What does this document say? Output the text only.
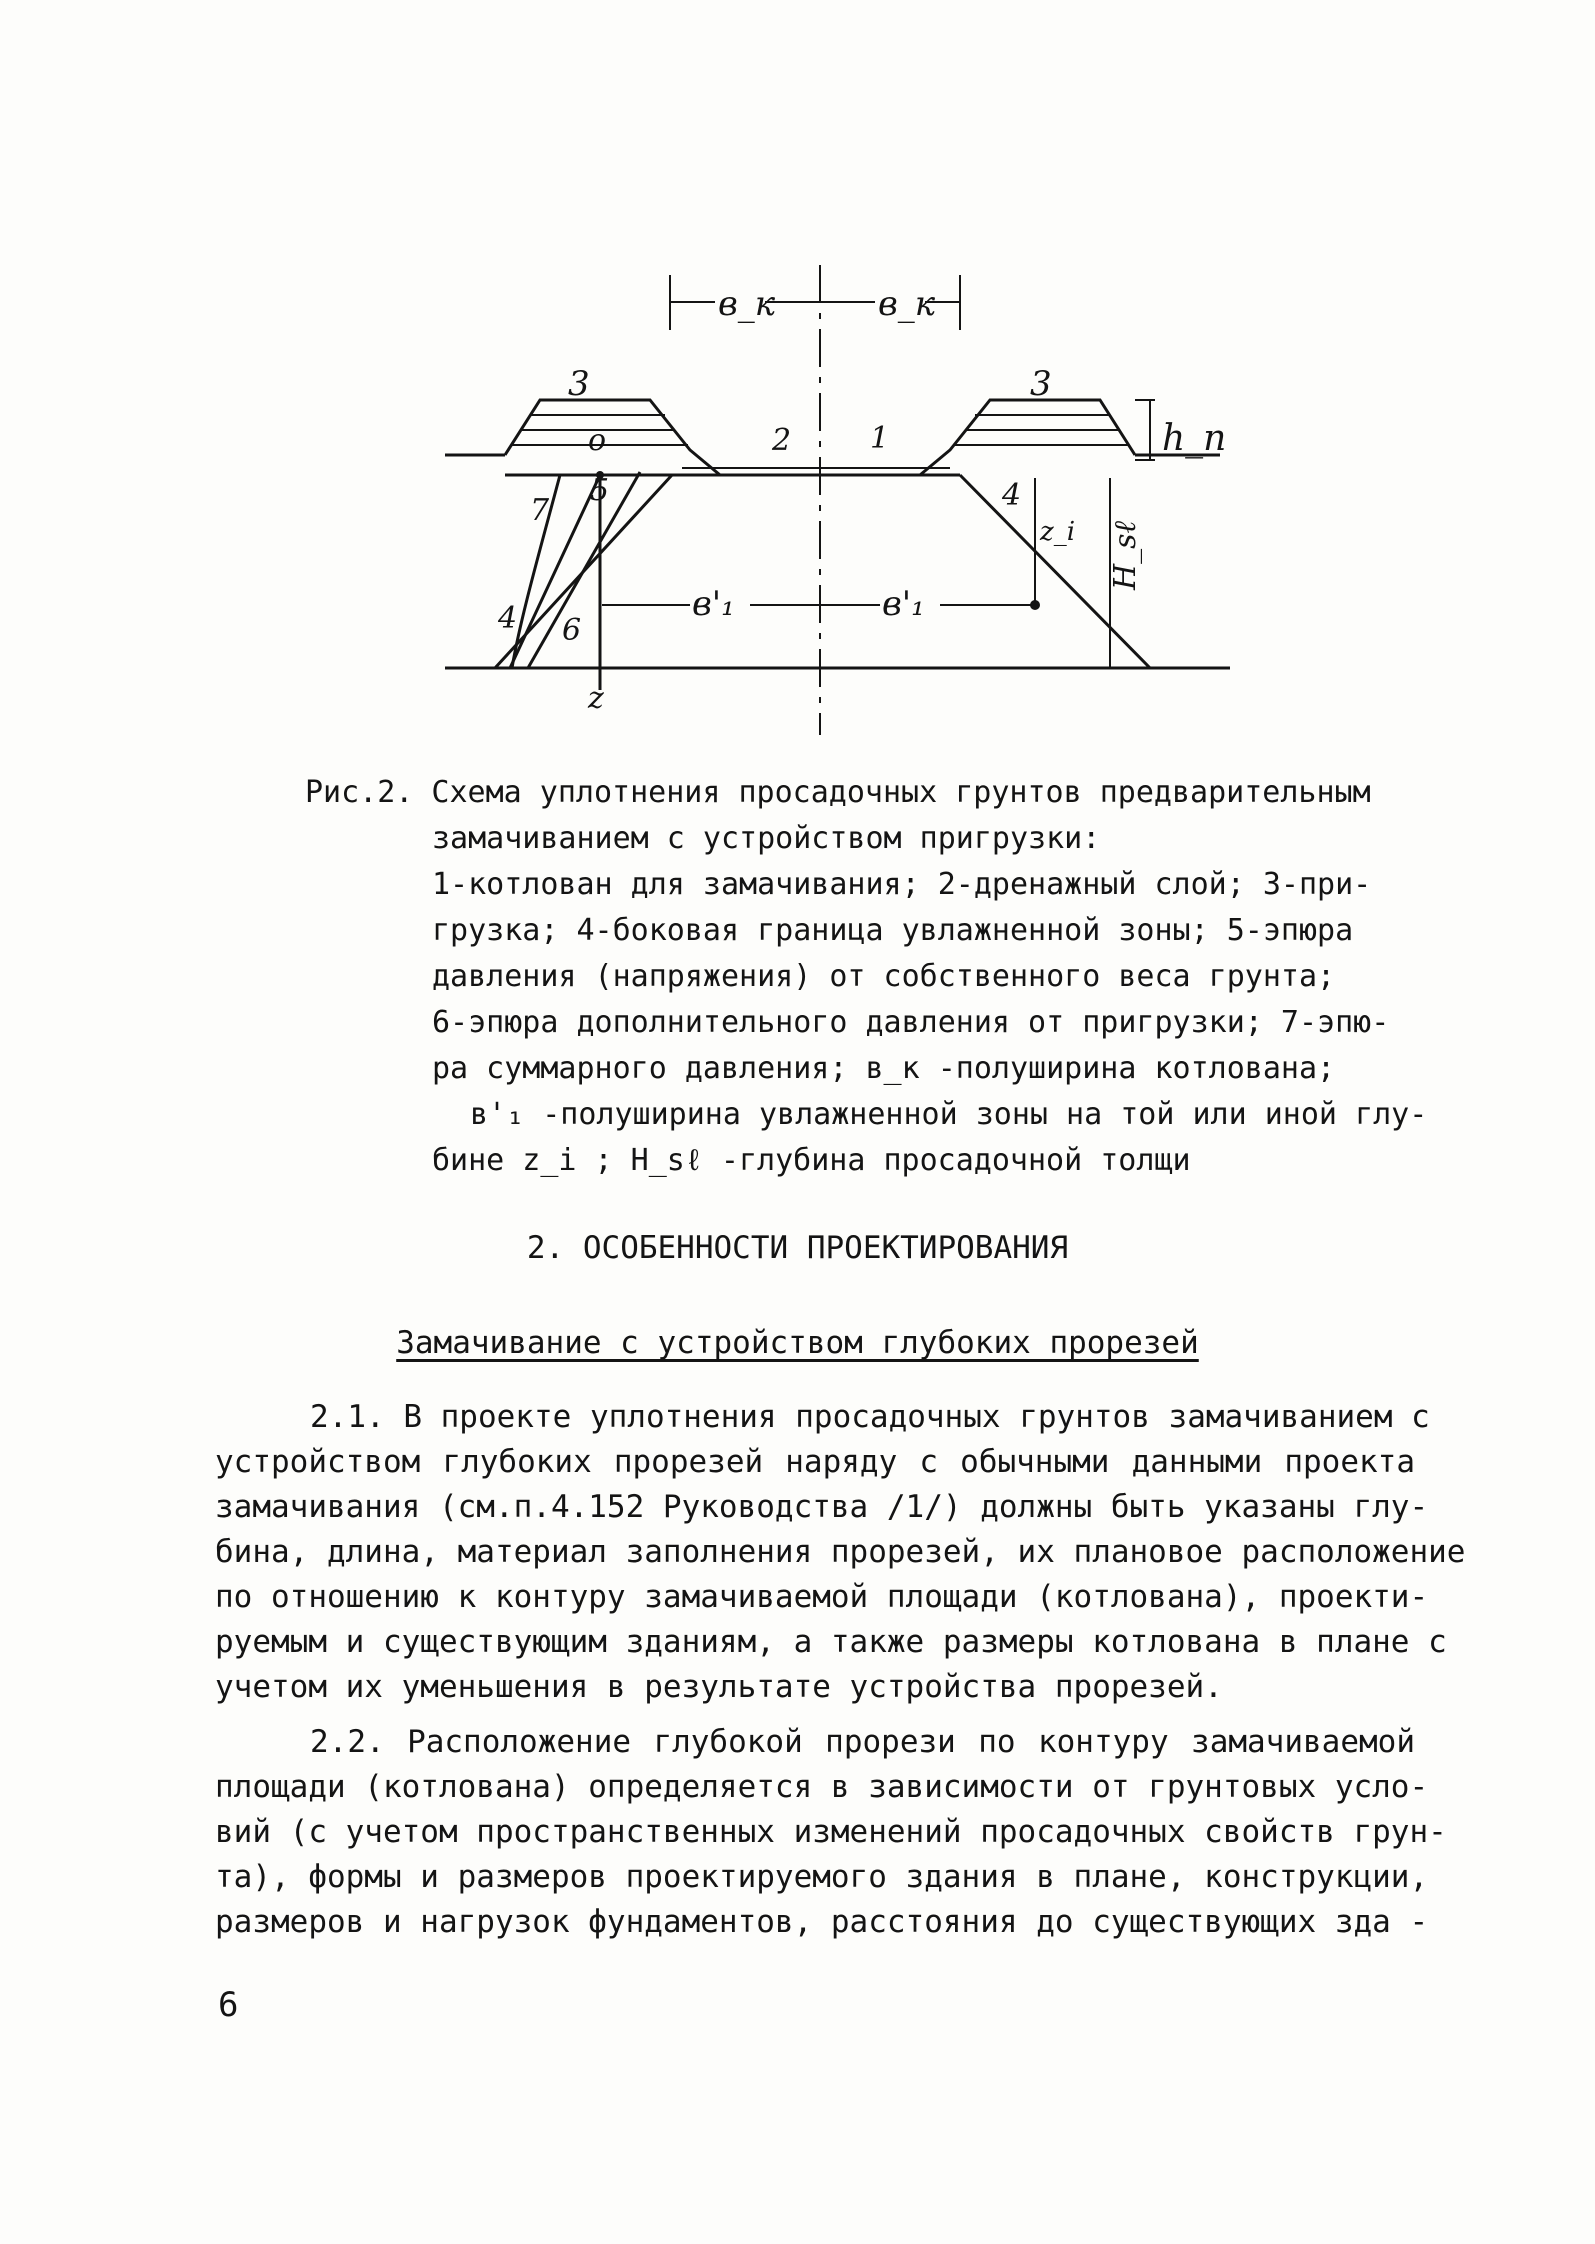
в_к	в_к
3	3
h_п
о	2	1
5
7
4
4
6
в'₁	в'₁
z_i H_sℓ
z
Рис.2. Схема уплотнения просадочных грунтов предварительным
замачиванием с устройством пригрузки:
1-котлован для замачивания; 2-дренажный слой; 3-при-
грузка; 4-боковая граница увлажненной зоны; 5-эпюра
давления (напряжения) от собственного веса грунта;
6-эпюра дополнительного давления от пригрузки; 7-эпю-
ра суммарного давления; в_к -полуширина котлована;
в'₁ -полуширина увлажненной зоны на той или иной глу-
бине z_i ; H_sℓ -глубина просадочной толщи
2. ОСОБЕННОСТИ ПРОЕКТИРОВАНИЯ
Замачивание с устройством глубоких прорезей
2.1. В проекте уплотнения просадочных грунтов замачиванием с
устройством глубоких прорезей наряду с обычными данными проекта
замачивания (см.п.4.152 Руководства /1/) должны быть указаны глу-
бина, длина, материал заполнения прорезей, их плановое расположение
по отношению к контуру замачиваемой площади (котлована), проекти-
руемым и существующим зданиям, а также размеры котлована в плане с
учетом их уменьшения в результате устройства прорезей.
2.2. Расположение глубокой прорези по контуру замачиваемой
площади (котлована) определяется в зависимости от грунтовых усло-
вий (с учетом пространственных изменений просадочных свойств грун-
та), формы и размеров проектируемого здания в плане, конструкции,
размеров и нагрузок фундаментов, расстояния до существующих зда -
6
